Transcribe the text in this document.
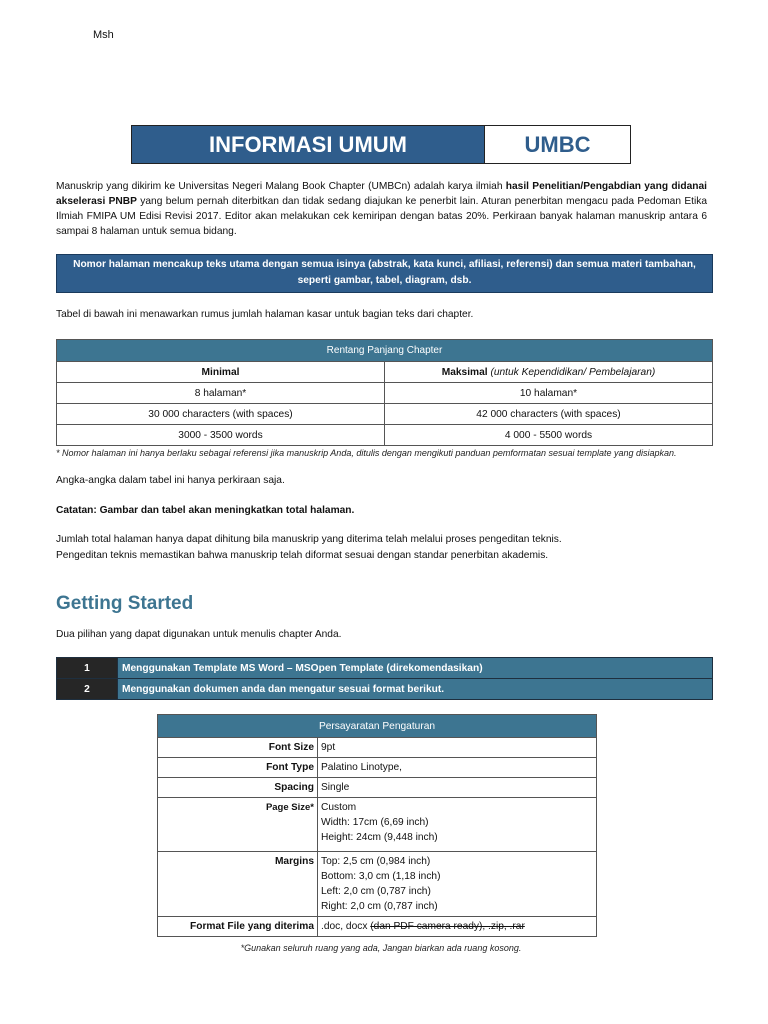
Msh
INFORMASI UMUM	UMBC
Manuskrip yang dikirim ke Universitas Negeri Malang Book Chapter (UMBCn) adalah karya ilmiah hasil Penelitian/Pengabdian yang didanai akselerasi PNBP yang belum pernah diterbitkan dan tidak sedang diajukan ke penerbit lain. Aturan penerbitan mengacu pada Pedoman Etika Ilmiah FMIPA UM Edisi Revisi 2017. Editor akan melakukan cek kemiripan dengan batas 20%. Perkiraan banyak halaman manuskrip antara 6 sampai 8 halaman untuk semua bidang.
Nomor halaman mencakup teks utama dengan semua isinya (abstrak, kata kunci, afiliasi, referensi) dan semua materi tambahan, seperti gambar, tabel, diagram, dsb.
Tabel di bawah ini menawarkan rumus jumlah halaman kasar untuk bagian teks dari chapter.
Rentang Panjang Chapter	
Minimal	Maksimal (untuk Kependidikan/ Pembelajaran)
8 halaman*	10 halaman*
30 000 characters (with spaces)	42 000 characters (with spaces)
3000 - 3500 words	4 000 - 5500 words
* Nomor halaman ini hanya berlaku sebagai referensi jika manuskrip Anda, ditulis dengan mengikuti panduan pemformatan sesuai template yang disiapkan.
Angka-angka dalam tabel ini hanya perkiraan saja.
Catatan: Gambar dan tabel akan meningkatkan total halaman.
Jumlah total halaman hanya dapat dihitung bila manuskrip yang diterima telah melalui proses pengeditan teknis.
Pengeditan teknis memastikan bahwa manuskrip telah diformat sesuai dengan standar penerbitan akademis.
Getting Started
Dua pilihan yang dapat digunakan untuk menulis chapter Anda.
1	Menggunakan Template MS Word – MSOpen Template (direkomendasikan)
2	Menggunakan dokumen anda dan mengatur sesuai format berikut.
Persayaratan Pengaturan	
Font Size	9pt
Font Type	Palatino Linotype,
Spacing	Single
Page Size*	Custom
Width: 17cm (6,69 inch)
Height: 24cm (9,448 inch)

Margins	Top: 2,5 cm (0,984 inch)
Bottom: 3,0 cm (1,18 inch)
Left: 2,0 cm (0,787 inch)
Right: 2,0 cm (0,787 inch)

Format File yang diterima	.doc, docx (dan PDF camera ready), .zip, .rar
*Gunakan seluruh ruang yang ada, Jangan biarkan ada ruang kosong.
